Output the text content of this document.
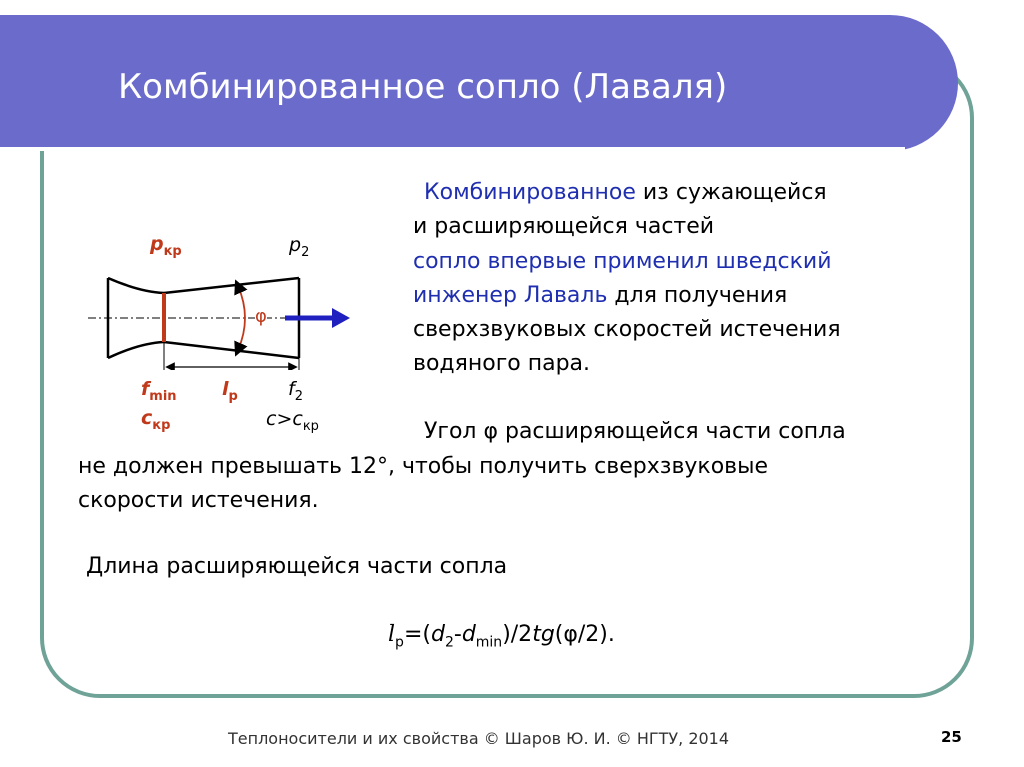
Комбинированное сопло (Лаваля)
Комбинированное из сужающейся
и расширяющейся частей
сопло впервые применил шведский
инженер Лаваль для получения
сверхзвуковых скоростей истечения
водяного пара.
$p_{кр}$	$p_2$
φ
$f_{min}$
$c_{кр}$
$l_р$	$f_2$
$c>c_{кр}$	Угол φ расширяющейся части сопла
не должен превышать 12°, чтобы получить сверхзвуковые
скорости истечения.
Длина расширяющейся части сопла
$l_р=(d_2-d_{min})/2tg(\varphi/2)$.
Теплоносители и их свойства © Шаров Ю. И. © НГТУ, 2014	25
